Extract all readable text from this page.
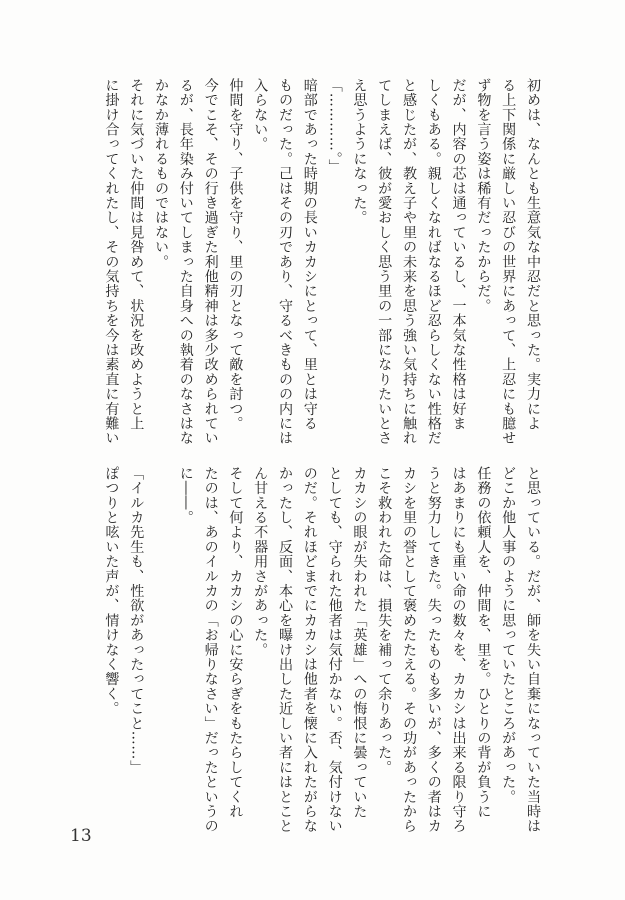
初めは、なんとも生意気な中忍だと思った。実力によ
る上下関係に厳しい忍びの世界にあって、上忍にも臆せ
ず物を言う姿は稀有だったからだ。
だが、内容の芯は通っているし、一本気な性格は好ま
しくもある。親しくなればなるほど忍らしくない性格だ
と感じたが、教え子や里の未来を思う強い気持ちに触れ
てしまえば、彼が愛おしく思う里の一部になりたいとさ
え思うようになった。
「…………。」
暗部であった時期の長いカカシにとって、里とは守る
ものだった。己はその刃であり、守るべきものの内には
入らない。
仲間を守り、子供を守り、里の刃となって敵を討つ。
今でこそ、その行き過ぎた利他精神は多少改められてい
るが、長年染み付いてしまった自身への執着のなさはな
かなか薄れるものではない。
それに気づいた仲間は見咎めて、状況を改めようと上
に掛け合ってくれたし、その気持ちを今は素直に有難い
と思っている。だが、師を失い自棄になっていた当時は
どこか他人事のように思っていたところがあった。
任務の依頼人を、仲間を、里を。ひとりの背が負うに
はあまりにも重い命の数々を、カカシは出来る限り守ろ
うと努力してきた。失ったものも多いが、多くの者はカ
カシを里の誉として褒めたたえる。その功があったから
こそ救われた命は、損失を補って余りあった。
カカシの眼が失われた「英雄」への悔恨に曇っていた
としても、守られた他者は気付かない。否、気付けない
のだ。それほどまでにカカシは他者を懐に入れたがらな
かったし、反面、本心を曝け出した近しい者にはとこと
ん甘える不器用さがあった。
そして何より、カカシの心に安らぎをもたらしてくれ
たのは、あのイルカの「お帰りなさい」だったというの
に――。

「イルカ先生も、性欲があったってこと……」
ぽつりと呟いた声が、情けなく響く。
13
